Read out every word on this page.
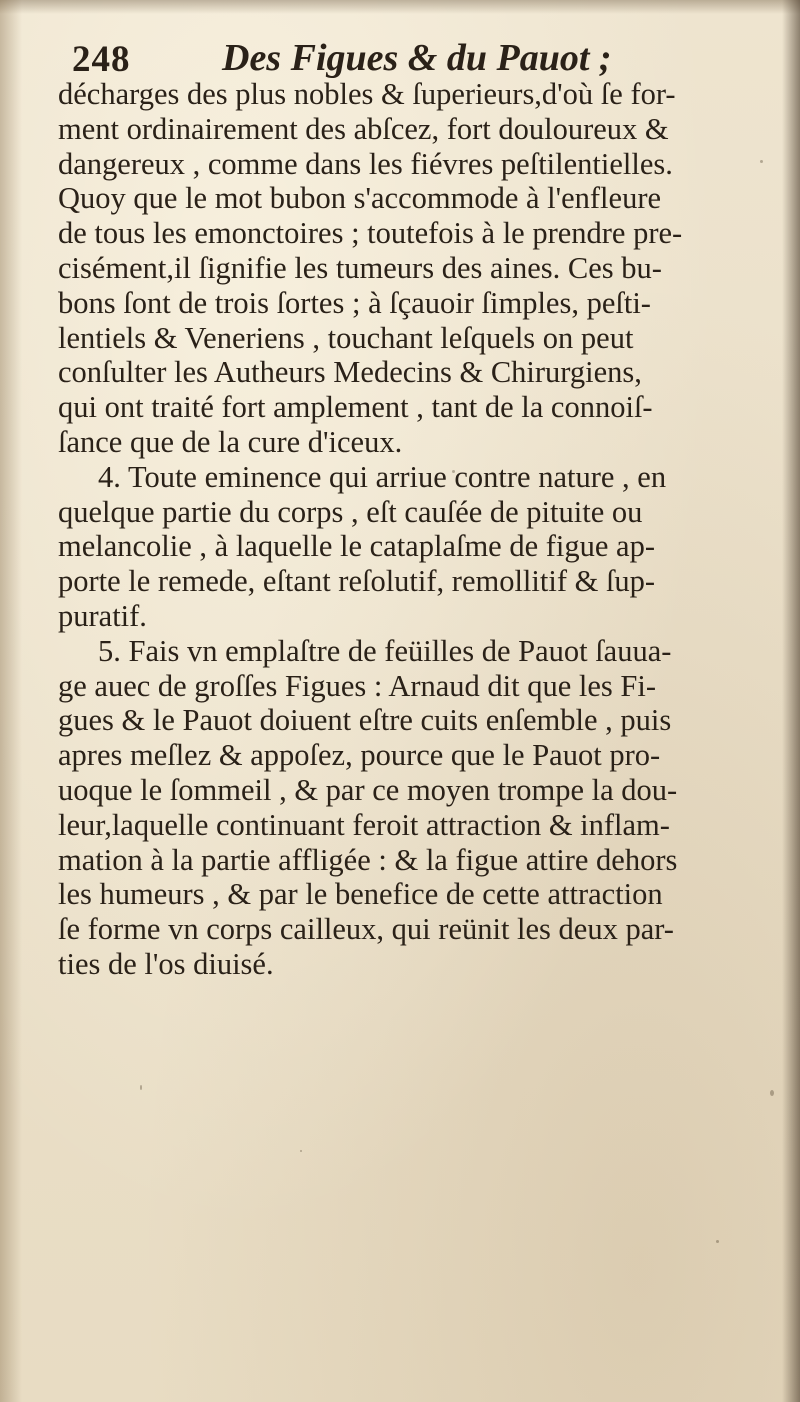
248 Des Figues & du Pauot ;
décharges des plus nobles & ſuperieurs,d'où ſe for-
ment ordinairement des abſcez, fort douloureux &
dangereux , comme dans les fiévres peſtilentielles.
Quoy que le mot bubon s'accommode à l'enfleure
de tous les emonctoires ; toutefois à le prendre pre-
cisément,il ſignifie les tumeurs des aines. Ces bu-
bons ſont de trois ſortes ; à ſçauoir ſimples, peſti-
lentiels & Veneriens , touchant leſquels on peut
conſulter les Autheurs Medecins & Chirurgiens,
qui ont traité fort amplement , tant de la connoiſ-
ſance que de la cure d'iceux.
4. Toute eminence qui arriue contre nature , en
quelque partie du corps , eſt cauſée de pituite ou
melancolie , à laquelle le cataplaſme de figue ap-
porte le remede, eſtant reſolutif, remollitif & ſup-
puratif.
5. Fais vn emplaſtre de feüilles de Pauot ſauua-
ge auec de groſſes Figues : Arnaud dit que les Fi-
gues & le Pauot doiuent eſtre cuits enſemble , puis
apres meſlez & appoſez, pource que le Pauot pro-
uoque le ſommeil , & par ce moyen trompe la dou-
leur,laquelle continuant feroit attraction & inflam-
mation à la partie affligée : & la figue attire dehors
les humeurs , & par le benefice de cette attraction
ſe forme vn corps cailleux, qui reünit les deux par-
ties de l'os diuisé.
